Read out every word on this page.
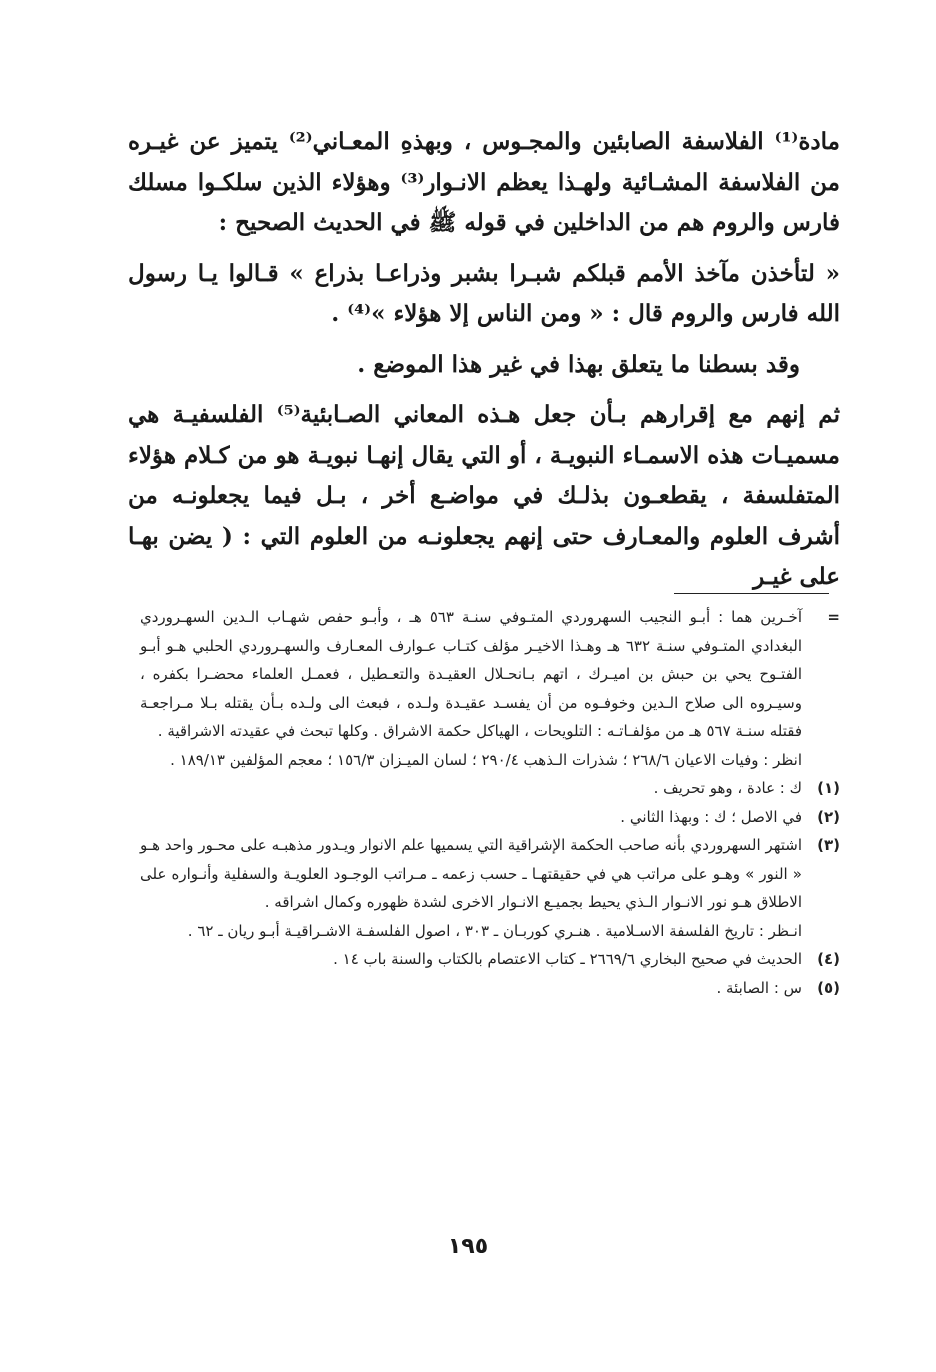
مادة⁽¹⁾ الفلاسفة الصابئين والمجـوس ، وبهذهِ المعـاني⁽²⁾ يتميز عن غيـره من الفلاسفة المشـائية ولهـذا يعظم الانـوار⁽³⁾ وهؤلاء الذين سلكـوا مسلك فارس والروم هم من الداخلين في قوله ﷺ في الحديث الصحيح :

« لتأخذن مآخذ الأمم قبلكم شبـرا بشبر وذراعـا بذراع » قـالوا يـا رسول الله فارس والروم قال : « ومن الناس إلا هؤلاء »⁽⁴⁾ .

وقد بسطنا ما يتعلق بهذا في غير هذا الموضع .

ثم إنهم مع إقرارهم بـأن جعل هـذه المعاني الصـابئية⁽⁵⁾ الفلسفيـة هي مسميـات هذه الاسمـاء النبويـة ، أو التي يقال إنهـا نبويـة هو من كـلام هؤلاء المتفلسفة ، يقطعـون بذلـك في مواضـع أخر ، بـل فيما يجعلونـه من أشرف العلوم والمعـارف حتى إنهم يجعلونـه من العلوم التي : ( يضن بهـا على غيـر

=
آخـرين هما : أبـو النجيب السهروردي المتـوفي سنـة ٥٦٣ هـ ، وأبـو حفص شهـاب الـدين السهـروردي البغدادي المتـوفي سنـة ٦٣٢ هـ وهـذا الاخيـر مؤلف كتـاب عـوارف المعـارف والسهـروردي الحلبي هـو أبـو الفتـوح يحي بن حبش بن اميـرك ، اتهم بـانحـلال العقيـدة والتعـطيل ، فعمـل العلماء محضـرا بكفره ، وسيـروه الى صلاح الـدين وخوفـوه من أن يفسـد عقيـدة ولـده ، فبعث الى ولـده بـأن يقتله بـلا مـراجعـة فقتله سنـة ٥٦٧ هـ من مؤلفـاتـه : التلويحات ، الهياكل حكمة الاشراق . وكلها تبحث في عقيدته الاشراقية .
انظر : وفيات الاعيان ٢٦٨/٦ ؛ شذرات الـذهب ٢٩٠/٤ ؛ لسان الميـزان ١٥٦/٣ ؛ معجم المؤلفين ١٨٩/١٣ .
(١)
ك : عادة ، وهو تحريف .
(٢)
في الاصل ؛ ك : وبهذا الثاني .
(٣)
اشتهر السهروردي بأنه صاحب الحكمة الإشراقية التي يسميها علم الانوار ويـدور مذهبـه على محـور واحد هـو « النور » وهـو على مراتب هي في حقيقتهـا ـ حسب زعمه ـ مـراتب الوجـود العلويـة والسفلية وأنـواره على الاطلاق هـو نور الانـوار الـذي يحيط بجميـع الانـوار الاخرى لشدة ظهوره وكمال اشراقه .
انـظر : تاريخ الفلسفة الاسـلامية . هنـري كوربـان ـ ٣٠٣ ، اصول الفلسفـة الاشـراقيـة أبـو ريان ـ ٦٢ .
(٤)
الحديث في صحيح البخاري ٢٦٦٩/٦ ـ كتاب الاعتصام بالكتاب والسنة باب ١٤ .
(٥)
س : الصابئة .
١٩٥
